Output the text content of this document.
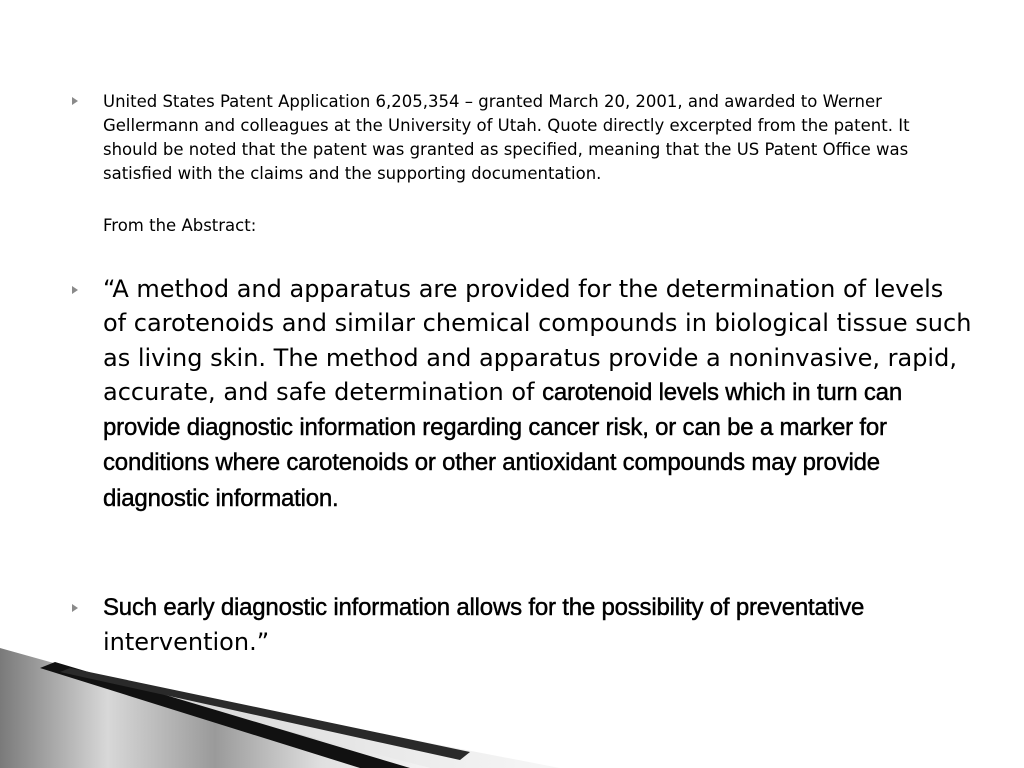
United States Patent Application 6,205,354 – granted March 20, 2001, and awarded to Werner Gellermann and colleagues at the University of Utah. Quote directly excerpted from the patent. It should be noted that the patent was granted as specified, meaning that the US Patent Office was satisfied with the claims and the supporting documentation.
From the Abstract:
“A method and apparatus are provided for the determination of levels of carotenoids and similar chemical compounds in biological tissue such as living skin. The method and apparatus provide a noninvasive, rapid, accurate, and safe determination of carotenoid levels which in turn can provide diagnostic information regarding cancer risk, or can be a marker for conditions where carotenoids or other antioxidant compounds may provide diagnostic information.
Such early diagnostic information allows for the possibility of preventative intervention.”
